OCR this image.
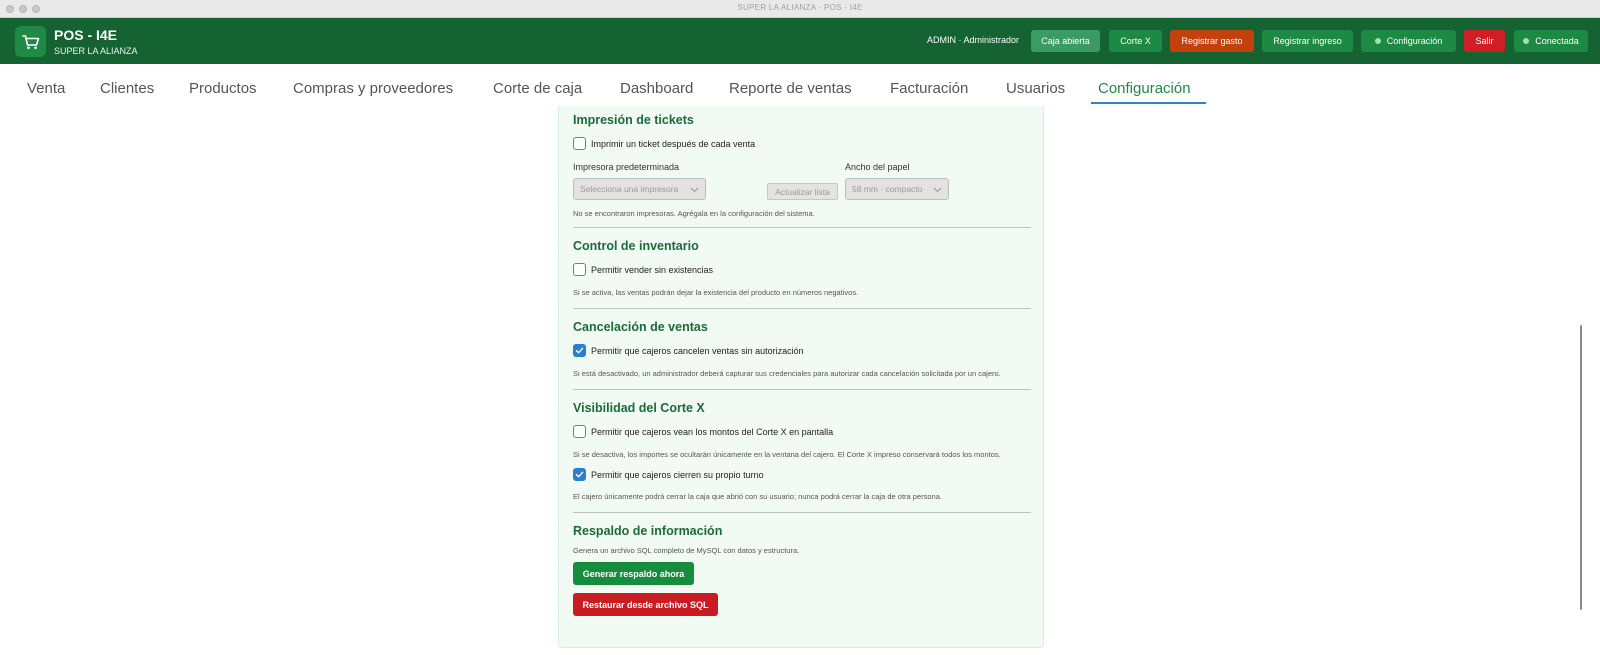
SUPER LA ALIANZA · POS - I4E
POS - I4E
SUPER LA ALIANZA
ADMIN · Administrador Caja abierta	Corte X	Registrar gasto	Registrar ingreso	Configuración	Salir	Conectada
Venta Clientes Productos Compras y proveedores	Corte de caja	Dashboard Reporte de ventas	Facturación	Usuarios Configuración
Impresión de tickets
Imprimir un ticket después de cada venta
Impresora predeterminada
Selecciona una impresora	Actualizar lista
Ancho del papel
58 mm · compacto
No se encontraron impresoras. Agrégala en la configuración del sistema.
Control de inventario
Permitir vender sin existencias
Si se activa, las ventas podrán dejar la existencia del producto en números negativos.
Cancelación de ventas
Permitir que cajeros cancelen ventas sin autorización
Si está desactivado, un administrador deberá capturar sus credenciales para autorizar cada cancelación solicitada por un cajero.
Visibilidad del Corte X
Permitir que cajeros vean los montos del Corte X en pantalla
Si se desactiva, los importes se ocultarán únicamente en la ventana del cajero. El Corte X impreso conservará todos los montos.
Permitir que cajeros cierren su propio turno
El cajero únicamente podrá cerrar la caja que abrió con su usuario; nunca podrá cerrar la caja de otra persona.
Respaldo de información
Genera un archivo SQL completo de MySQL con datos y estructura.
Generar respaldo ahora
Restaurar desde archivo SQL
